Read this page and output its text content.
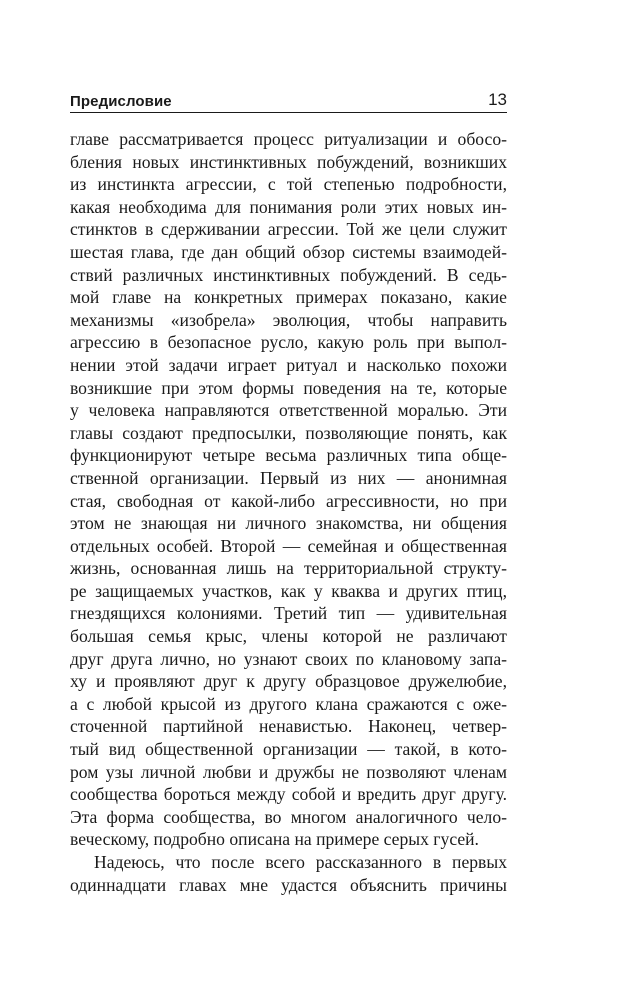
Предисловие	13
главе рассматривается процесс ритуализации и обосо-
бления новых инстинктивных побуждений, возникших
из инстинкта агрессии, с той степенью подробности,
какая необходима для понимания роли этих новых ин-
стинктов в сдерживании агрессии. Той же цели служит
шестая глава, где дан общий обзор системы взаимодей-
ствий различных инстинктивных побуждений. В седь-
мой главе на конкретных примерах показано, какие
механизмы «изобрела» эволюция, чтобы направить
агрессию в безопасное русло, какую роль при выпол-
нении этой задачи играет ритуал и насколько похожи
возникшие при этом формы поведения на те, которые
у человека направляются ответственной моралью. Эти
главы создают предпосылки, позволяющие понять, как
функционируют четыре весьма различных типа обще-
ственной организации. Первый из них — анонимная
стая, свободная от какой-либо агрессивности, но при
этом не знающая ни личного знакомства, ни общения
отдельных особей. Второй — семейная и общественная
жизнь, основанная лишь на территориальной структу-
ре защищаемых участков, как у кваква и других птиц,
гнездящихся колониями. Третий тип — удивительная
большая семья крыс, члены которой не различают
друг друга лично, но узнают своих по клановому запа-
ху и проявляют друг к другу образцовое дружелюбие,
а с любой крысой из другого клана сражаются с ожe-
сточенной партийной ненавистью. Наконец, четвер-
тый вид общественной организации — такой, в котo-
ром узы личной любви и дружбы не позволяют членам
сообщества бороться между собой и вредить друг другу.
Эта форма сообщества, во многом аналогичного чело-
веческому, подробно описана на примере серых гусей.
Надеюсь, что после всего рассказанного в первых
одиннадцати главах мне удастся объяснить причины
